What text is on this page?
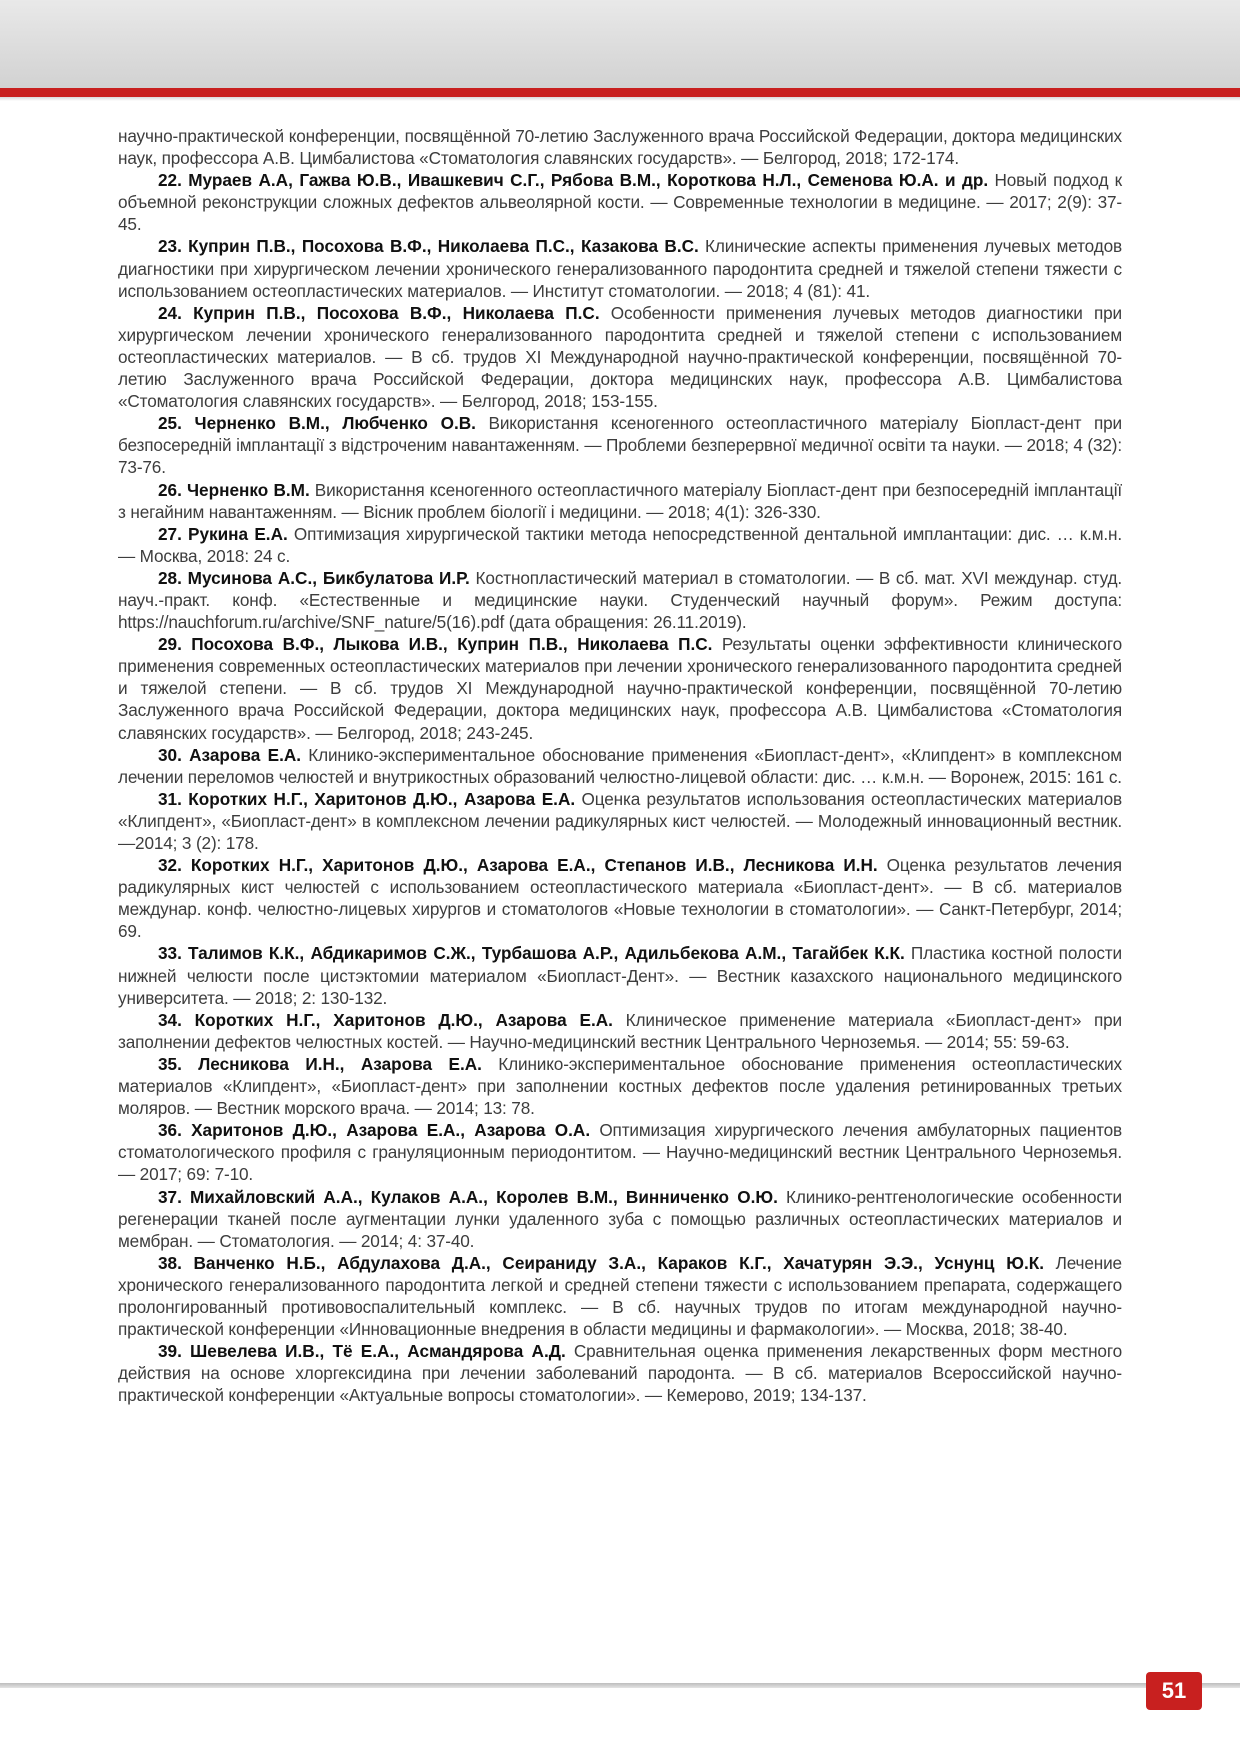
научно-практической конференции, посвящённой 70-летию Заслуженного врача Российской Федерации, доктора медицинских наук, профессора А.В. Цимбалистова «Стоматология славянских государств». — Белгород, 2018; 172-174.

22. Мураев А.А, Гажва Ю.В., Ивашкевич С.Г., Рябова В.М., Короткова Н.Л., Семенова Ю.А. и др. Новый подход к объемной реконструкции сложных дефектов альвеолярной кости. — Современные технологии в медицине. — 2017; 2(9): 37-45.

23. Куприн П.В., Посохова В.Ф., Николаева П.С., Казакова В.С. Клинические аспекты применения лучевых методов диагностики при хирургическом лечении хронического генерализованного пародонтита средней и тяжелой степени тяжести с использованием остеопластических материалов. — Институт стоматологии. — 2018; 4 (81): 41.

24. Куприн П.В., Посохова В.Ф., Николаева П.С. Особенности применения лучевых методов диагностики при хирургическом лечении хронического генерализованного пародонтита средней и тяжелой степени с использованием остеопластических материалов. — В сб. трудов XI Международной научно-практической конференции, посвящённой 70-летию Заслуженного врача Российской Федерации, доктора медицинских наук, профессора А.В. Цимбалистова «Стоматология славянских государств». — Белгород, 2018; 153-155.

25. Черненко В.М., Любченко О.В. Використання ксеногенного остеопластичного матеріалу Біопласт-дент при безпосередній імплантації з відстроченим навантаженням. — Проблеми безперервної медичної освіти та науки. — 2018; 4 (32): 73-76.

26. Черненко В.М. Використання ксеногенного остеопластичного матеріалу Біопласт-дент при безпосередній імплантації з негайним навантаженням. — Вісник проблем біології і медицини. — 2018; 4(1): 326-330.

27. Рукина Е.А. Оптимизация хирургической тактики метода непосредственной дентальной имплантации: дис. … к.м.н. — Москва, 2018: 24 с.

28. Мусинова А.С., Бикбулатова И.Р. Костнопластический материал в стоматологии. — В сб. мат. XVI междунар. студ. науч.-практ. конф. «Естественные и медицинские науки. Студенческий научный форум». Режим доступа: https://nauchforum.ru/archive/SNF_nature/5(16).pdf (дата обращения: 26.11.2019).

29. Посохова В.Ф., Лыкова И.В., Куприн П.В., Николаева П.С. Результаты оценки эффективности клинического применения современных остеопластических материалов при лечении хронического генерализованного пародонтита средней и тяжелой степени. — В сб. трудов XI Международной научно-практической конференции, посвящённой 70-летию Заслуженного врача Российской Федерации, доктора медицинских наук, профессора А.В. Цимбалистова «Стоматология славянских государств». — Белгород, 2018; 243-245.

30. Азарова Е.А. Клинико-экспериментальное обоснование применения «Биопласт-дент», «Клипдент» в комплексном лечении переломов челюстей и внутрикостных образований челюстно-лицевой области: дис. … к.м.н. — Воронеж, 2015: 161 с.

31. Коротких Н.Г., Харитонов Д.Ю., Азарова Е.А. Оценка результатов использования остеопластических материалов «Клипдент», «Биопласт-дент» в комплексном лечении радикулярных кист челюстей. — Молодежный инновационный вестник. —2014; 3 (2): 178.

32. Коротких Н.Г., Харитонов Д.Ю., Азарова Е.А., Степанов И.В., Лесникова И.Н. Оценка результатов лечения радикулярных кист челюстей с использованием остеопластического материала «Биопласт-дент». — В сб. материалов междунар. конф. челюстно-лицевых хирургов и стоматологов «Новые технологии в стоматологии». — Санкт-Петербург, 2014; 69.

33. Талимов К.К., Абдикаримов С.Ж., Турбашова А.Р., Адильбекова А.М., Тагайбек К.К. Пластика костной полости нижней челюсти после цистэктомии материалом «Биопласт-Дент». — Вестник казахского национального медицинского университета. — 2018; 2: 130-132.

34. Коротких Н.Г., Харитонов Д.Ю., Азарова Е.А. Клиническое применение материала «Биопласт-дент» при заполнении дефектов челюстных костей. — Научно-медицинский вестник Центрального Черноземья. — 2014; 55: 59-63.

35. Лесникова И.Н., Азарова Е.А. Клинико-экспериментальное обоснование применения остеопластических материалов «Клипдент», «Биопласт-дент» при заполнении костных дефектов после удаления ретинированных третьих моляров. — Вестник морского врача. — 2014; 13: 78.

36. Харитонов Д.Ю., Азарова Е.А., Азарова О.А. Оптимизация хирургического лечения амбулаторных пациентов стоматологического профиля с грануляционным периодонтитом. — Научно-медицинский вестник Центрального Черноземья. — 2017; 69: 7-10.

37. Михайловский А.А., Кулаков А.А., Королев В.М., Винниченко О.Ю. Клинико-рентгенологические особенности регенерации тканей после аугментации лунки удаленного зуба с помощью различных остеопластических материалов и мембран. — Стоматология. — 2014; 4: 37-40.

38. Ванченко Н.Б., Абдулахова Д.А., Сеираниду З.А., Караков К.Г., Хачатурян Э.Э., Уснунц Ю.К. Лечение хронического генерализованного пародонтита легкой и средней степени тяжести с использованием препарата, содержащего пролонгированный противовоспалительный комплекс. — В сб. научных трудов по итогам международной научно-практической конференции «Инновационные внедрения в области медицины и фармакологии». — Москва, 2018; 38-40.

39. Шевелева И.В., Тё Е.А., Асмандярова А.Д. Сравнительная оценка применения лекарственных форм местного действия на основе хлоргексидина при лечении заболеваний пародонта. — В сб. материалов Всероссийской научно-практической конференции «Актуальные вопросы стоматологии». — Кемерово, 2019; 134-137.

51
